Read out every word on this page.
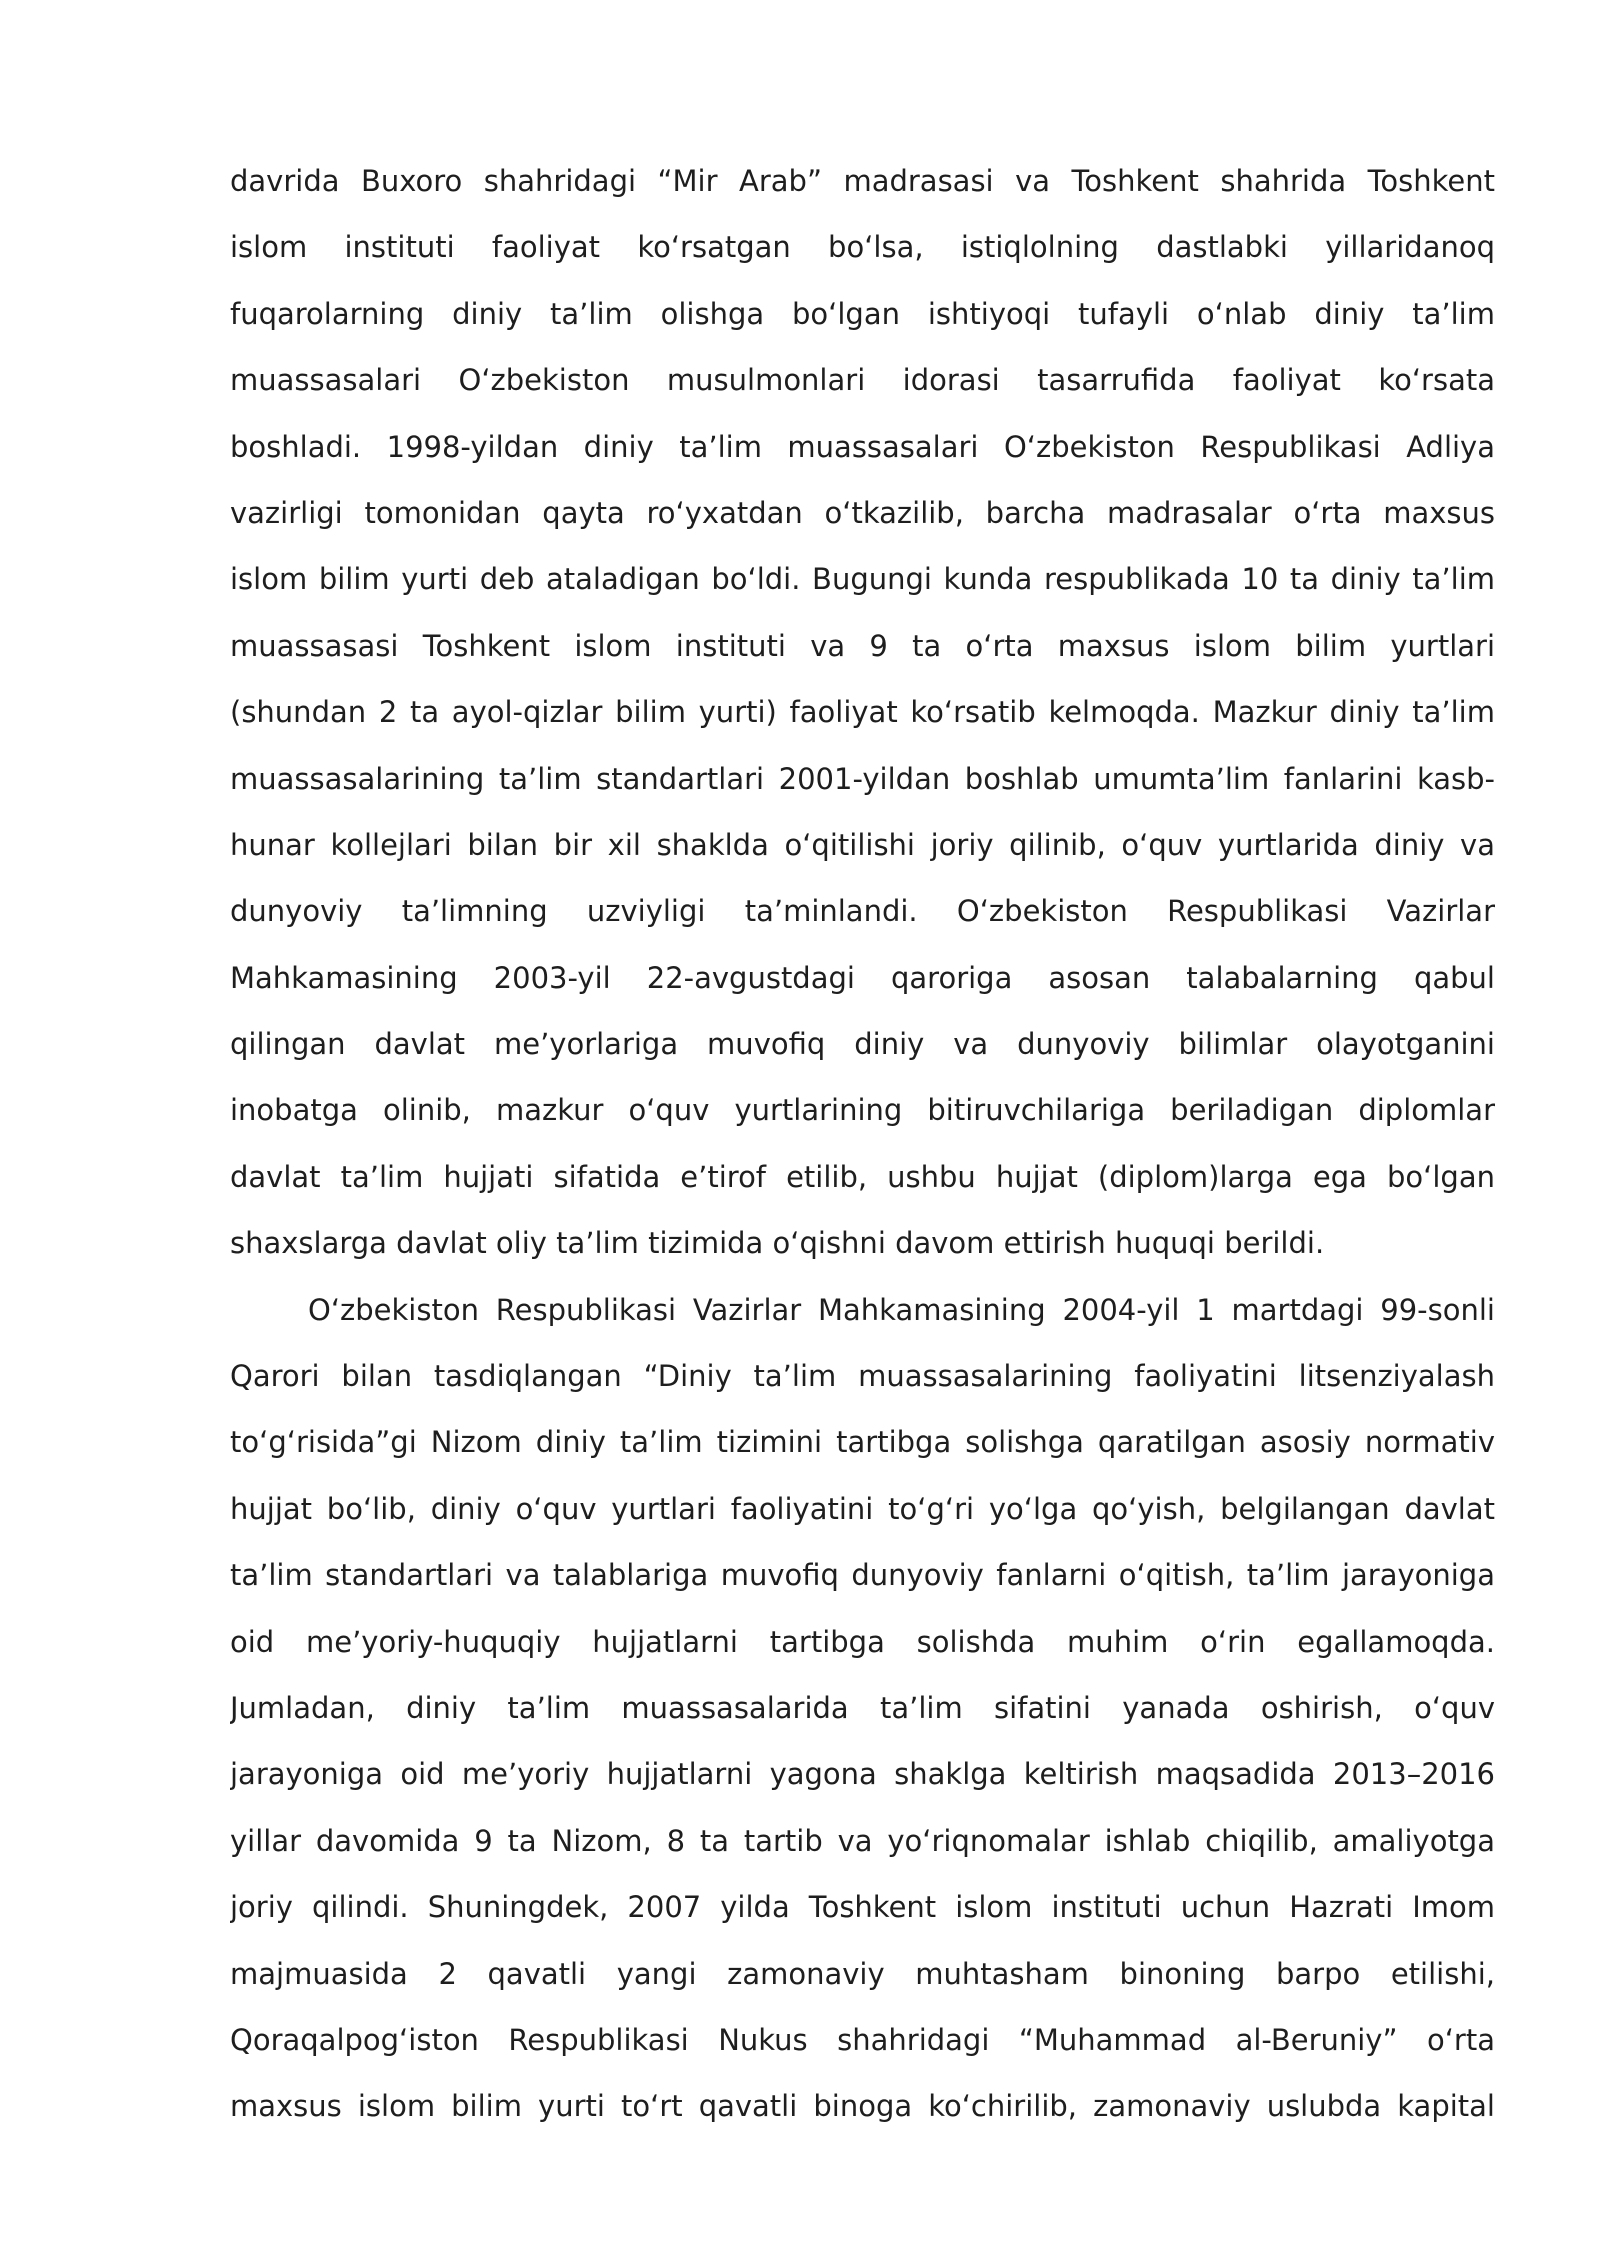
davrida Buxoro shahridagi “Mir Arab” madrasasi va Toshkent shahrida Toshkent
islom instituti faoliyat ko‘rsatgan bo‘lsa, istiqlolning dastlabki yillaridanoq
fuqarolarning diniy ta’lim olishga bo‘lgan ishtiyoqi tufayli o‘nlab diniy ta’lim
muassasalari O‘zbekiston musulmonlari idorasi tasarrufida faoliyat ko‘rsata
boshladi. 1998-yildan diniy ta’lim muassasalari O‘zbekiston Respublikasi Adliya
vazirligi tomonidan qayta ro‘yxatdan o‘tkazilib, barcha madrasalar o‘rta maxsus
islom bilim yurti deb ataladigan bo‘ldi. Bugungi kunda respublikada 10 ta diniy ta’lim
muassasasi Toshkent islom instituti va 9 ta o‘rta maxsus islom bilim yurtlari
(shundan 2 ta ayol-qizlar bilim yurti) faoliyat ko‘rsatib kelmoqda. Mazkur diniy ta’lim
muassasalarining ta’lim standartlari 2001-yildan boshlab umumta’lim fanlarini kasb-
hunar kollejlari bilan bir xil shaklda o‘qitilishi joriy qilinib, o‘quv yurtlarida diniy va
dunyoviy ta’limning uzviyligi ta’minlandi. O‘zbekiston Respublikasi Vazirlar
Mahkamasining 2003-yil 22-avgustdagi qaroriga asosan talabalarning qabul
qilingan davlat me’yorlariga muvofiq diniy va dunyoviy bilimlar olayotganini
inobatga olinib, mazkur o‘quv yurtlarining bitiruvchilariga beriladigan diplomlar
davlat ta’lim hujjati sifatida e’tirof etilib, ushbu hujjat (diplom)larga ega bo‘lgan
shaxslarga davlat oliy ta’lim tizimida o‘qishni davom ettirish huquqi berildi.
O‘zbekiston Respublikasi Vazirlar Mahkamasining 2004-yil 1 martdagi 99-sonli
Qarori bilan tasdiqlangan “Diniy ta’lim muassasalarining faoliyatini litsenziyalash
to‘g‘risida”gi Nizom diniy ta’lim tizimini tartibga solishga qaratilgan asosiy normativ
hujjat bo‘lib, diniy o‘quv yurtlari faoliyatini to‘g‘ri yo‘lga qo‘yish, belgilangan davlat
ta’lim standartlari va talablariga muvofiq dunyoviy fanlarni o‘qitish, ta’lim jarayoniga
oid me’yoriy-huquqiy hujjatlarni tartibga solishda muhim o‘rin egallamoqda.
Jumladan, diniy ta’lim muassasalarida ta’lim sifatini yanada oshirish, o‘quv
jarayoniga oid me’yoriy hujjatlarni yagona shaklga keltirish maqsadida 2013–2016
yillar davomida 9 ta Nizom, 8 ta tartib va yo‘riqnomalar ishlab chiqilib, amaliyotga
joriy qilindi. Shuningdek, 2007 yilda Toshkent islom instituti uchun Hazrati Imom
majmuasida 2 qavatli yangi zamonaviy muhtasham binoning barpo etilishi,
Qoraqalpog‘iston Respublikasi Nukus shahridagi “Muhammad al-Beruniy” o‘rta
maxsus islom bilim yurti to‘rt qavatli binoga ko‘chirilib, zamonaviy uslubda kapital
